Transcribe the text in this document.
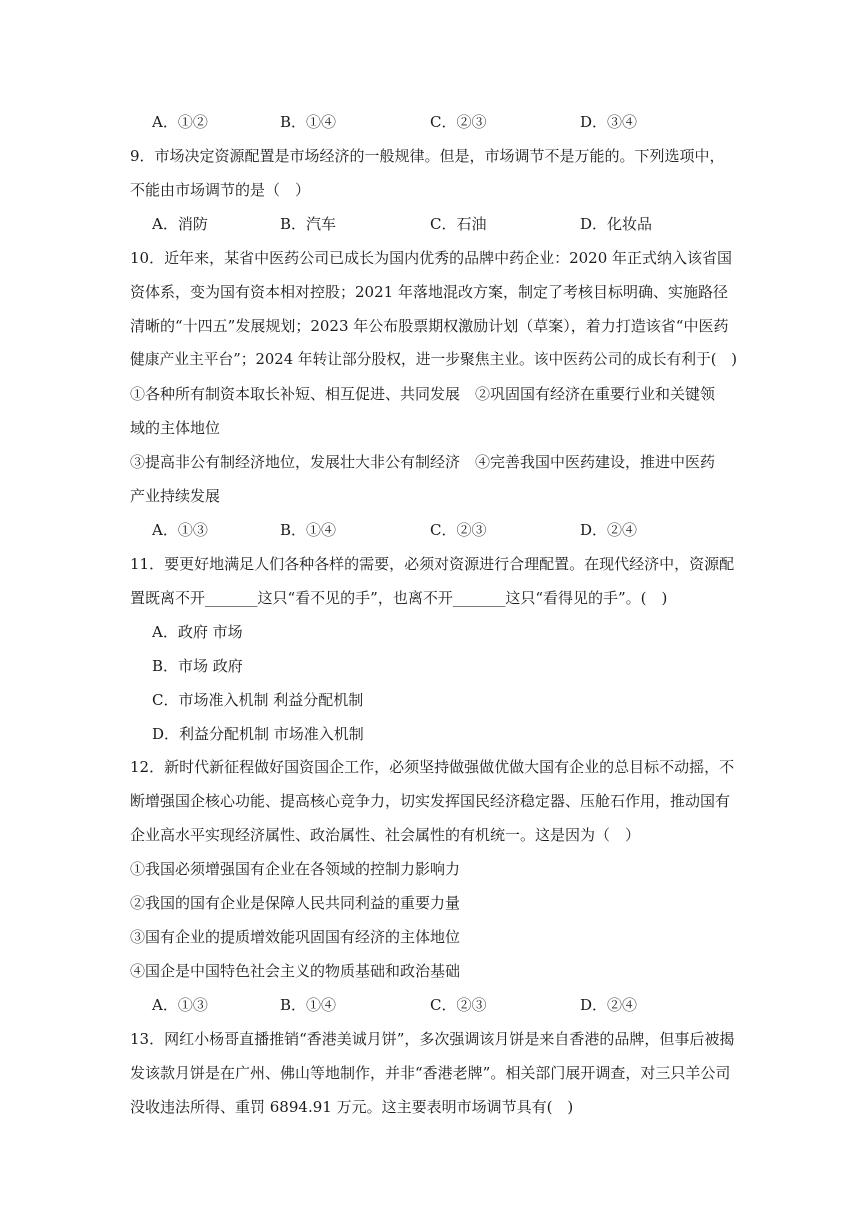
A．①②	B．①④	C．②③	D．③④
9．市场决定资源配置是市场经济的一般规律。但是，市场调节不是万能的。下列选项中，
不能由市场调节的是（　）
A．消防	B．汽车	C．石油	D．化妆品
10．近年来，某省中医药公司已成长为国内优秀的品牌中药企业：2020 年正式纳入该省国
资体系，变为国有资本相对控股；2021 年落地混改方案，制定了考核目标明确、实施路径
清晰的“十四五”发展规划；2023 年公布股票期权激励计划（草案），着力打造该省“中医药
健康产业主平台”；2024 年转让部分股权，进一步聚焦主业。该中医药公司的成长有利于(　)
①各种所有制资本取长补短、相互促进、共同发展　②巩固国有经济在重要行业和关键领
域的主体地位
③提高非公有制经济地位，发展壮大非公有制经济　④完善我国中医药建设，推进中医药
产业持续发展
A．①③	B．①④	C．②③	D．②④
11．要更好地满足人们各种各样的需要，必须对资源进行合理配置。在现代经济中，资源配
置既离不开_______这只“看不见的手”，也离不开_______这只“看得见的手”。(　)
A．政府 市场
B．市场 政府
C．市场准入机制 利益分配机制
D．利益分配机制 市场准入机制
12．新时代新征程做好国资国企工作，必须坚持做强做优做大国有企业的总目标不动摇，不
断增强国企核心功能、提高核心竞争力，切实发挥国民经济稳定器、压舱石作用，推动国有
企业高水平实现经济属性、政治属性、社会属性的有机统一。这是因为（　）
①我国必须增强国有企业在各领域的控制力影响力
②我国的国有企业是保障人民共同利益的重要力量
③国有企业的提质增效能巩固国有经济的主体地位
④国企是中国特色社会主义的物质基础和政治基础
A．①③	B．①④	C．②③	D．②④
13．网红小杨哥直播推销“香港美诚月饼”，多次强调该月饼是来自香港的品牌，但事后被揭
发该款月饼是在广州、佛山等地制作，并非“香港老牌”。相关部门展开调查，对三只羊公司
没收违法所得、重罚 6894.91 万元。这主要表明市场调节具有(　)
